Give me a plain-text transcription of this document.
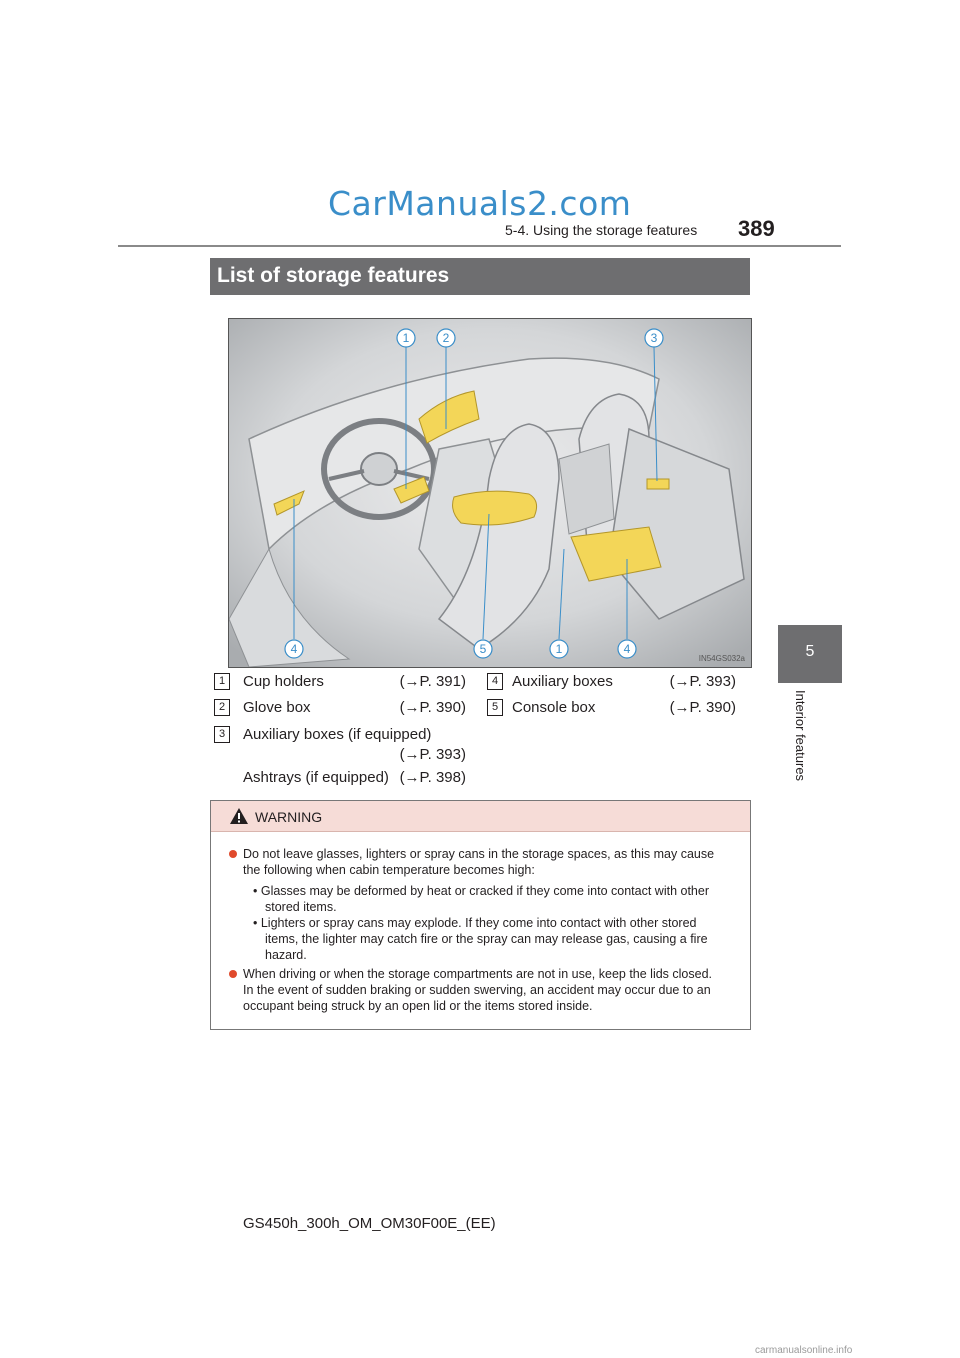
CarManuals2.com
5-4. Using the storage features 389
5
Interior features
List of storage features
1	2	3
4	5	1	4
IN54GS032a
1	Cup holders	(→P. 391)
2	Glove box	(→P. 390)
3	Auxiliary boxes (if equipped)
(→P. 393)
Ashtrays (if equipped) (→P. 398)
4 Auxiliary boxes	(→P. 393)
5 Console box	(→P. 390)
WARNING
Do not leave glasses, lighters or spray cans in the storage spaces, as this may cause
the following when cabin temperature becomes high:
• Glasses may be deformed by heat or cracked if they come into contact with other
stored items.
• Lighters or spray cans may explode. If they come into contact with other stored
items, the lighter may catch fire or the spray can may release gas, causing a fire
hazard.
When driving or when the storage compartments are not in use, keep the lids closed.
In the event of sudden braking or sudden swerving, an accident may occur due to an
occupant being struck by an open lid or the items stored inside.
GS450h_300h_OM_OM30F00E_(EE)
carmanualsonline.info
